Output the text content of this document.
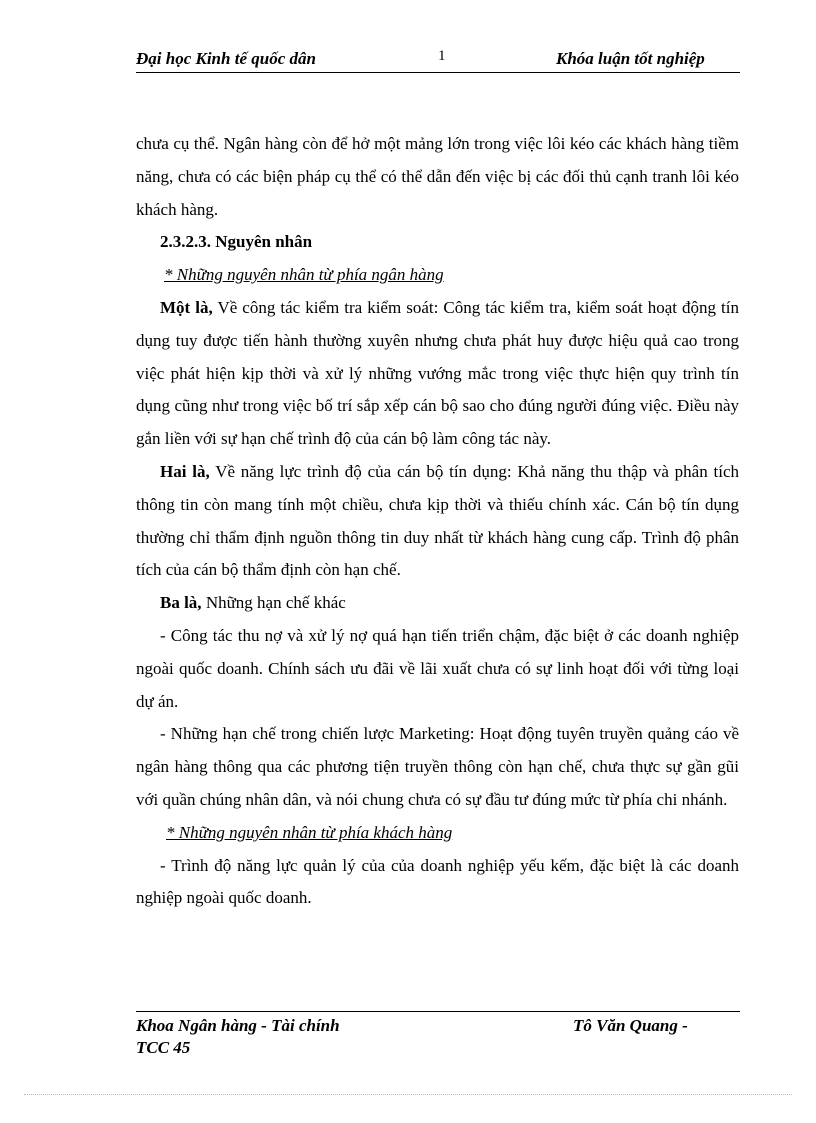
Đại học Kinh tế quốc dân	1	Khóa luận tốt nghiệp

chưa cụ thể. Ngân hàng còn để hở một mảng lớn trong việc lôi kéo các khách hàng tiềm năng, chưa có các biện pháp cụ thể có thể dẫn đến việc bị các đối thủ cạnh tranh lôi kéo khách hàng.

2.3.2.3. Nguyên nhân

* Những nguyên nhân từ phía ngân hàng

Một là, Về công tác kiểm tra kiểm soát: Công tác kiểm tra, kiểm soát hoạt động tín dụng tuy được tiến hành thường xuyên nhưng chưa phát huy được hiệu quả cao trong việc phát hiện kịp thời và xử lý những vướng mắc trong việc thực hiện quy trình tín dụng cũng như trong việc bố trí sắp xếp cán bộ sao cho đúng người đúng việc. Điều này gắn liền với sự hạn chế trình độ của cán bộ làm công tác này.

Hai là, Về năng lực trình độ của cán bộ tín dụng: Khả năng thu thập và phân tích thông tin còn mang tính một chiều, chưa kịp thời và thiếu chính xác. Cán bộ tín dụng thường chỉ thẩm định nguồn thông tin duy nhất từ khách hàng cung cấp. Trình độ phân tích của cán bộ thẩm định còn hạn chế.

Ba là, Những hạn chế khác

- Công tác thu nợ và xử lý nợ quá hạn tiến triển chậm, đặc biệt ở các doanh nghiệp ngoài quốc doanh. Chính sách ưu đãi về lãi xuất chưa có sự linh hoạt đối với từng loại dự án.

- Những hạn chế trong chiến lược Marketing: Hoạt động tuyên truyền quảng cáo về ngân hàng thông qua các phương tiện truyền thông còn hạn chế, chưa thực sự gần gũi với quần chúng nhân dân, và nói chung chưa có sự đầu tư đúng mức từ phía chi nhánh.

* Những nguyên nhân từ phía khách hàng

- Trình độ năng lực quản lý của của doanh nghiệp yếu kếm, đặc biệt là các doanh nghiệp ngoài quốc doanh.

Khoa Ngân hàng - Tài chính
TCC 45
Tô Văn Quang -
